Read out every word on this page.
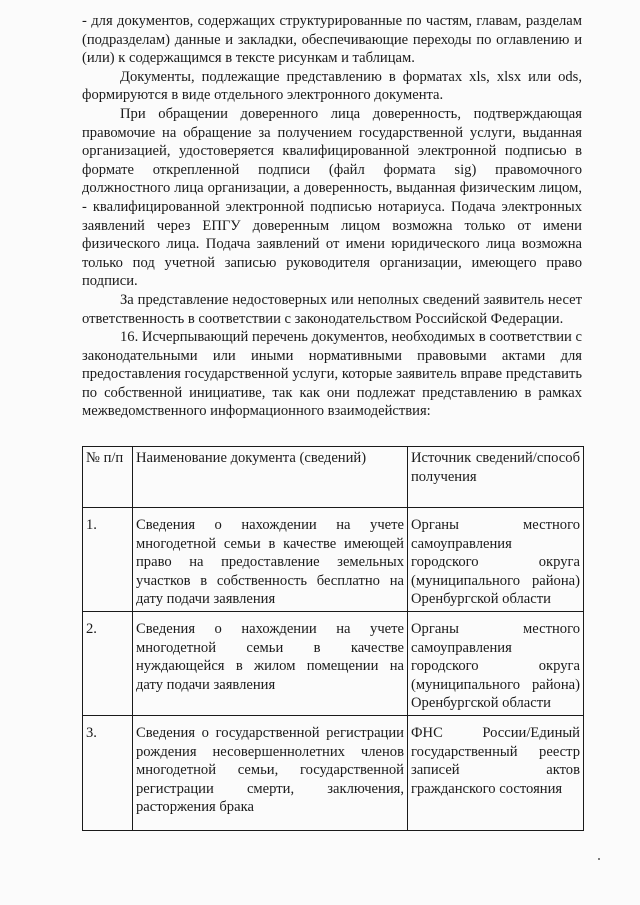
- для документов, содержащих структурированные по частям, главам, разделам (подразделам) данные и закладки, обеспечивающие переходы по оглавлению и (или) к содержащимся в тексте рисункам и таблицам.

Документы, подлежащие представлению в форматах xls, xlsx или ods, формируются в виде отдельного электронного документа.

При обращении доверенного лица доверенность, подтверждающая правомочие на обращение за получением государственной услуги, выданная организацией, удостоверяется квалифицированной электронной подписью в формате открепленной подписи (файл формата sig) правомочного должностного лица организации, а доверенность, выданная физическим лицом, - квалифицированной электронной подписью нотариуса. Подача электронных заявлений через ЕПГУ доверенным лицом возможна только от имени физического лица. Подача заявлений от имени юридического лица возможна только под учетной записью руководителя организации, имеющего право подписи.

За представление недостоверных или неполных сведений заявитель несет ответственность в соответствии с законодательством Российской Федерации.

16. Исчерпывающий перечень документов, необходимых в соответствии с законодательными или иными нормативными правовыми актами для предоставления государственной услуги, которые заявитель вправе представить по собственной инициативе, так как они подлежат представлению в рамках межведомственного информационного взаимодействия:

№ п/п	Наименование документа (сведений)	Источник сведений/способ получения
1.	Сведения о нахождении на учете многодетной семьи в качестве имеющей право на предоставление земельных участков в собственность бесплатно на дату подачи заявления	Органы местного самоуправления городского округа (муниципального района) Оренбургской области
2.	Сведения о нахождении на учете многодетной семьи в качестве нуждающейся в жилом помещении на дату подачи заявления	Органы местного самоуправления городского округа (муниципального района) Оренбургской области
3.	Сведения о государственной регистрации рождения несовершеннолетних членов многодетной семьи, государственной регистрации смерти, заключения, расторжения брака	ФНС России/Единый государственный реестр записей актов гражданского состояния
